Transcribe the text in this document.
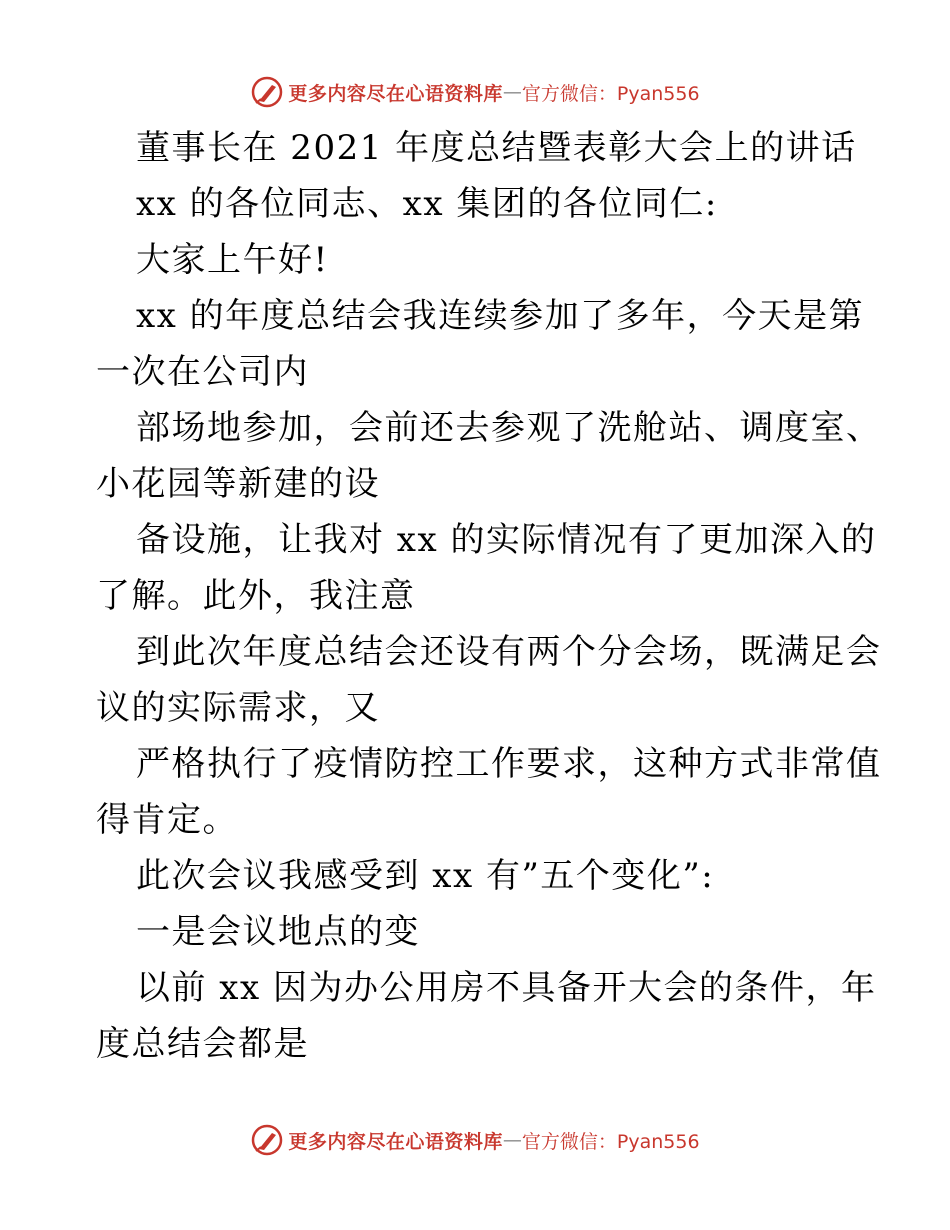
更多内容尽在心语资料库 — 官方微信：Pyan556
董事长在 2021 年度总结暨表彰大会上的讲话
xx 的各位同志、xx 集团的各位同仁:
大家上午好!
xx 的年度总结会我连续参加了多年，今天是第
一次在公司内
部场地参加，会前还去参观了洗舱站、调度室、
小花园等新建的设
备设施，让我对 xx 的实际情况有了更加深入的
了解。此外，我注意
到此次年度总结会还设有两个分会场，既满足会
议的实际需求，又
严格执行了疫情防控工作要求，这种方式非常值
得肯定。
此次会议我感受到 xx 有”五个变化”:
一是会议地点的变
以前 xx 因为办公用房不具备开大会的条件，年
度总结会都是
更多内容尽在心语资料库 — 官方微信：Pyan556
